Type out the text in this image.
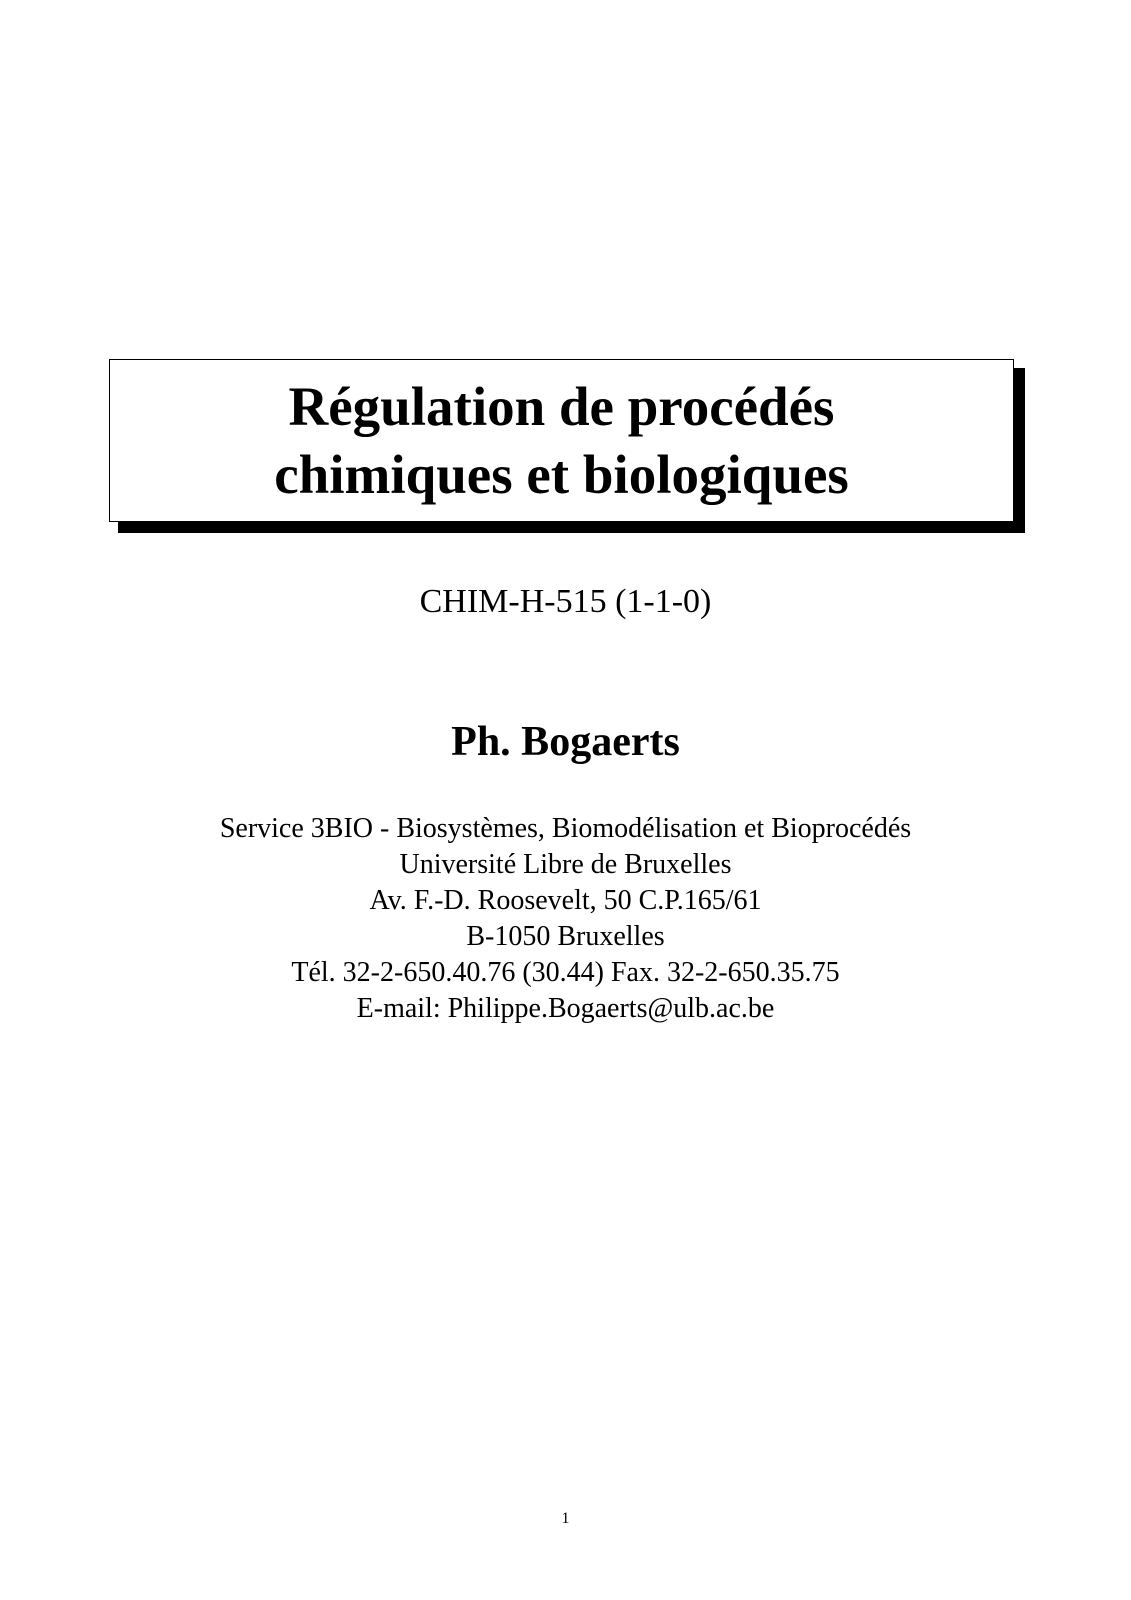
Régulation de procédés
chimiques et biologiques
CHIM-H-515 (1-1-0)
Ph. Bogaerts
Service 3BIO - Biosystèmes, Biomodélisation et Bioprocédés
Université Libre de Bruxelles
Av. F.-D. Roosevelt, 50 C.P.165/61
B-1050 Bruxelles
Tél. 32-2-650.40.76 (30.44) Fax. 32-2-650.35.75
E-mail: Philippe.Bogaerts@ulb.ac.be
1
